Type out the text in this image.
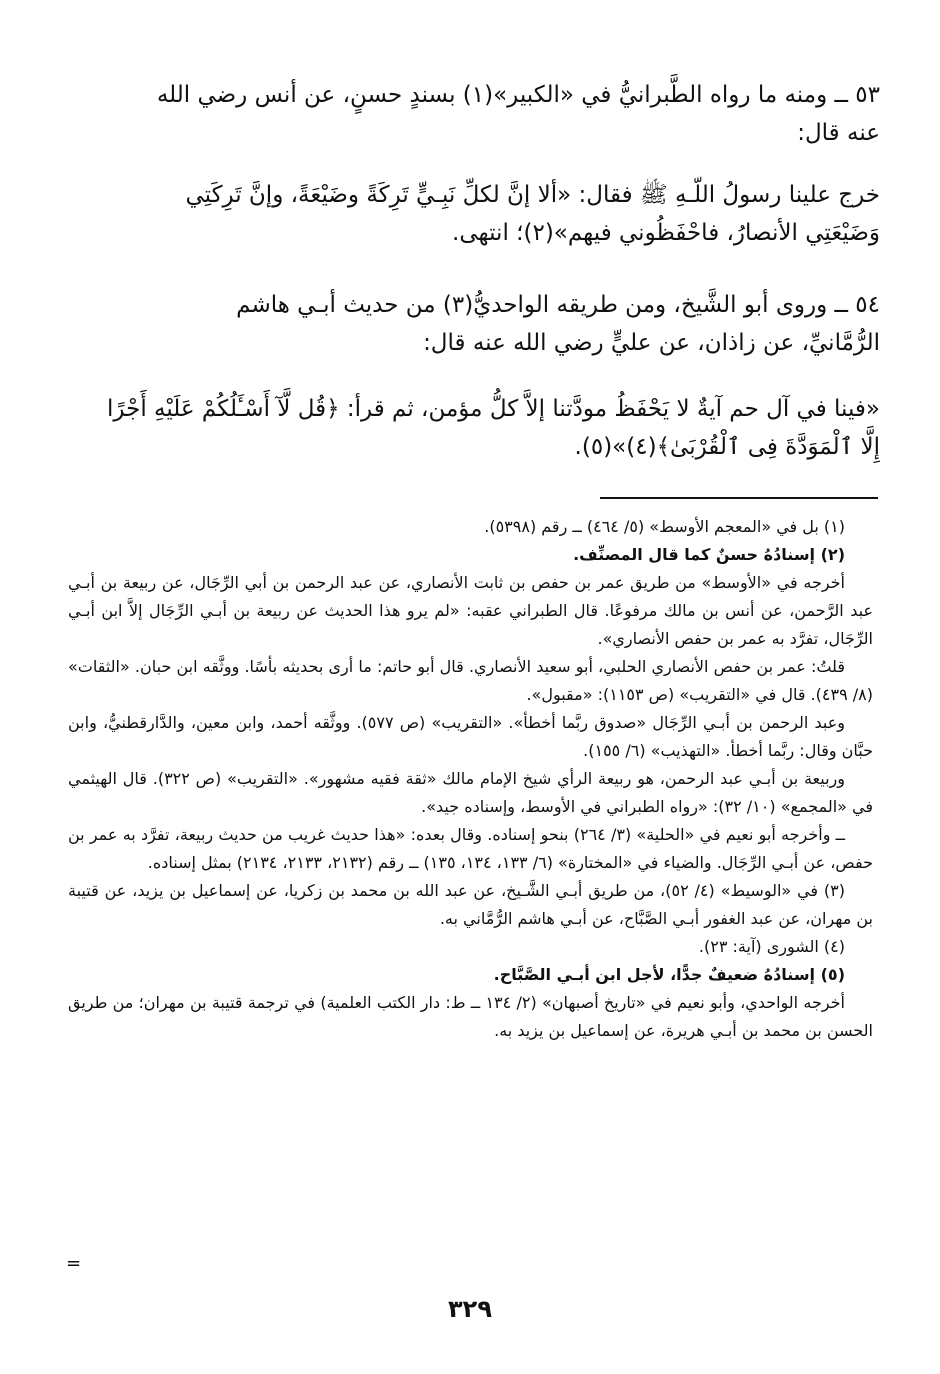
٥٣ ــ ومنه ما رواه الطَّبرانيُّ في «الكبير»(١) بسندٍ حسنٍ، عن أنس رضي الله

عنه قال:

خرج علينا رسولُ اللّـهِ ﷺ فقال: «ألا إنَّ لكلِّ نَبِـيٍّ تَرِكَةً وضَيْعَةً، وإنَّ تَرِكَتِي

وَضَيْعَتِي الأنصارُ، فاحْفَظُوني فيهم»(٢)؛ انتهى.

٥٤ ــ وروى أبو الشَّيخ، ومن طريقه الواحديُّ(٣) من حديث أبـي هاشم

الرُّمَّانيِّ، عن زاذان، عن عليٍّ رضي الله عنه قال:

«فينا في آل حم آيةٌ لا يَحْفَظُ مودَّتنا إلاَّ كلُّ مؤمن، ثم قرأ: ﴿قُل لَّآ أَسْـَٔلُكُمْ عَلَيْهِ أَجْرًا

إِلَّا ٱلْمَوَدَّةَ فِى ٱلْقُرْبَىٰ﴾(٤)»(٥).

(١) بل في «المعجم الأوسط» (٥/ ٤٦٤) ــ رقم (٥٣٩٨).

(٢) إسنادُهُ حسنٌ كما قال المصنِّف.

أخرجه في «الأوسط» من طريق عمر بن حفص بن ثابت الأنصاري، عن عبد الرحمن بن أبي الرِّجَال، عن ربيعة بن أبـي عبد الرَّحمن، عن أنس بن مالك مرفوعًا. قال الطبراني عقبه: «لم يرو هذا الحديث عن ربيعة بن أبـي الرِّجَال إلاَّ ابن أبـي الرِّجَال، تفرَّد به عمر بن حفص الأنصاري».

قلتُ: عمر بن حفص الأنصاري الحلبي، أبو سعيد الأنصاري. قال أبو حاتم: ما أرى بحديثه بأسًا. ووثَّقه ابن حبان. «الثقات» (٨/ ٤٣٩). قال في «التقريب» (ص ١١٥٣): «مقبول».

وعبد الرحمن بن أبـي الرِّجَال «صدوق ربَّما أخطأ». «التقريب» (ص ٥٧٧). ووثَّقه أحمد، وابن معين، والدَّارقطنيُّ، وابن حبَّان وقال: ربَّما أخطأ. «التهذيب» (٦/ ١٥٥).

وربيعة بن أبـي عبد الرحمن، هو ربيعة الرأي شيخ الإمام مالك «ثقة فقيه مشهور». «التقريب» (ص ٣٢٢). قال الهيثمي في «المجمع» (١٠/ ٣٢): «رواه الطبراني في الأوسط، وإسناده جيد».

ــ وأخرجه أبو نعيم في «الحلية» (٣/ ٢٦٤) بنحو إسناده. وقال بعده: «هذا حديث غريب من حديث ربيعة، تفرَّد به عمر بن حفص، عن أبـي الرِّجَال. والضياء في «المختارة» (٦/ ١٣٣، ١٣٤، ١٣٥) ــ رقم (٢١٣٢، ٢١٣٣، ٢١٣٤) بمثل إسناده.

(٣) في «الوسيط» (٤/ ٥٢)، من طريق أبـي الشَّـيخ، عن عبد الله بن محمد بن زكريا، عن إسماعيل بن يزيد، عن قتيبة بن مهران، عن عبد الغفور أبـي الصَّبَّاح، عن أبـي هاشم الرُّمَّاني به.

(٤) الشورى (آية: ٢٣).

(٥) إسنادُهُ ضعيفٌ جدًّا، لأجل ابن أبـي الصَّبَّاح.

أخرجه الواحدي، وأبو نعيم في «تاريخ أصبهان» (٢/ ١٣٤ ــ ط: دار الكتب العلمية) في ترجمة قتيبة بن مهران؛ من طريق الحسن بن محمد بن أبـي هريرة، عن إسماعيل بن يزيد به.

=
٣٢٩
